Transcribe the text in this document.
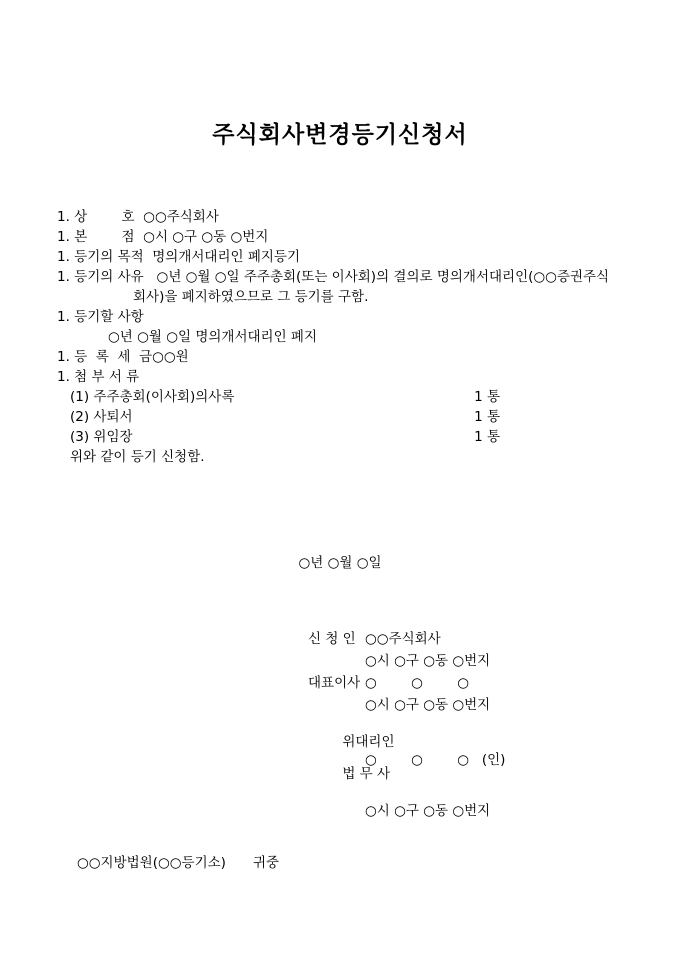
주식회사변경등기신청서
1. 상        호  ○○주식회사
1. 본        점  ○시 ○구 ○동 ○번지
1. 등기의 목적  명의개서대리인 폐지등기
1. 등기의 사유   ○년 ○월 ○일 주주총회(또는 이사회)의 결의로 명의개서대리인(○○증권주식
회사)을 폐지하였으므로 그 등기를 구함.
1. 등기할 사항
○년 ○월 ○일 명의개서대리인 폐지
1. 등  록  세  금○○원
1. 첨 부 서 류
(1) 주주총회(이사회)의사록	1 통
(2) 사퇴서	1 통
(3) 위임장	1 통
위와 같이 등기 신청함.
○년 ○월 ○일
신 청 인 ○○주식회사
○시 ○구 ○동 ○번지
대표이사 ○        ○        ○
○시 ○구 ○동 ○번지

위대리인

법 무 사

○        ○        ○   (인)
○시 ○구 ○동 ○번지
○○지방법원(○○등기소) 귀중
